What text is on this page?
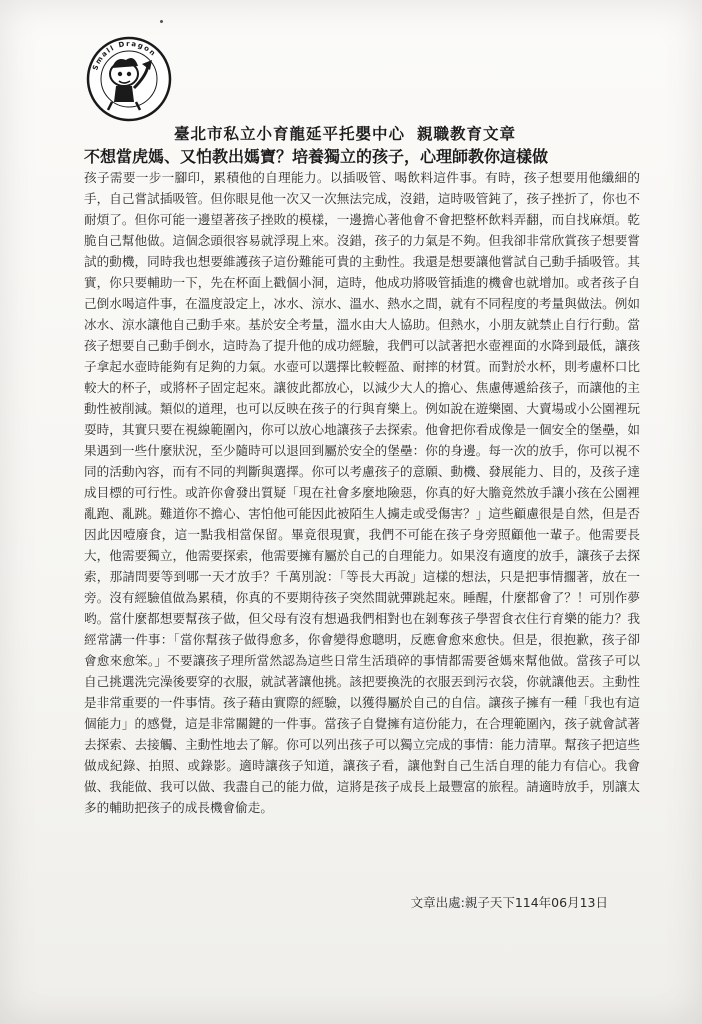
Small Dragon
臺北市私立小育龍延平托嬰中心 親職教育文章
不想當虎媽、又怕教出媽寶？培養獨立的孩子，心理師教你這樣做
孩子需要一步一腳印，累積他的自理能力。以插吸管、喝飲料這件事。有時，孩子想要用他纖細的手，自己嘗試插吸管。但你眼見他一次又一次無法完成，沒錯，這時吸管鈍了，孩子挫折了，你也不耐煩了。但你可能一邊望著孩子挫敗的模樣，一邊擔心著他會不會把整杯飲料弄翻，而自找麻煩。乾脆自己幫他做。這個念頭很容易就浮現上來。沒錯，孩子的力氣是不夠。但我卻非常欣賞孩子想要嘗試的動機，同時我也想要維護孩子這份難能可貴的主動性。我還是想要讓他嘗試自己動手插吸管。其實，你只要輔助一下，先在杯面上戳個小洞，這時，他成功將吸管插進的機會也就增加。或者孩子自己倒水喝這件事，在溫度設定上，冰水、涼水、溫水、熱水之間，就有不同程度的考量與做法。例如冰水、涼水讓他自己動手來。基於安全考量，溫水由大人協助。但熱水，小朋友就禁止自行行動。當孩子想要自己動手倒水，這時為了提升他的成功經驗，我們可以試著把水壺裡面的水降到最低，讓孩子拿起水壺時能夠有足夠的力氣。水壺可以選擇比較輕盈、耐摔的材質。而對於水杯，則考慮杯口比較大的杯子，或將杯子固定起來。讓彼此都放心，以減少大人的擔心、焦慮傳遞給孩子，而讓他的主動性被削減。類似的道理，也可以反映在孩子的行與育樂上。例如說在遊樂園、大賣場或小公園裡玩耍時，其實只要在視線範圍內，你可以放心地讓孩子去探索。他會把你看成像是一個安全的堡壘，如果遇到一些什麼狀況，至少隨時可以退回到屬於安全的堡壘：你的身邊。每一次的放手，你可以視不同的活動內容，而有不同的判斷與選擇。你可以考慮孩子的意願、動機、發展能力、目的，及孩子達成目標的可行性。或許你會發出質疑「現在社會多麼地險惡，你真的好大膽竟然放手讓小孩在公園裡亂跑、亂跳。難道你不擔心、害怕他可能因此被陌生人擄走或受傷害？」這些顧慮很是自然，但是否因此因噎廢食，這一點我相當保留。畢竟很現實，我們不可能在孩子身旁照顧他一輩子。他需要長大，他需要獨立，他需要探索，他需要擁有屬於自己的自理能力。如果沒有適度的放手，讓孩子去探索，那請問要等到哪一天才放手？千萬別說：「等長大再說」這樣的想法，只是把事情擱著，放在一旁。沒有經驗值做為累積，你真的不要期待孩子突然間就彈跳起來。睡醒，什麼都會了？！可別作夢哟。當什麼都想要幫孩子做，但父母有沒有想過我們相對也在剝奪孩子學習食衣住行育樂的能力？我經常講一件事：「當你幫孩子做得愈多，你會變得愈聰明，反應會愈來愈快。但是，很抱歉，孩子卻會愈來愈笨。」不要讓孩子理所當然認為這些日常生活瑣碎的事情都需要爸媽來幫他做。當孩子可以自己挑選洗完澡後要穿的衣服，就試著讓他挑。該把要換洗的衣服丟到污衣袋，你就讓他丟。主動性是非常重要的一件事情。孩子藉由實際的經驗，以獲得屬於自己的自信。讓孩子擁有一種「我也有這個能力」的感覺，這是非常關鍵的一件事。當孩子自覺擁有這份能力，在合理範圍內，孩子就會試著去探索、去接觸、主動性地去了解。你可以列出孩子可以獨立完成的事情：能力清單。幫孩子把這些做成紀錄、拍照、或錄影。適時讓孩子知道，讓孩子看，讓他對自己生活自理的能力有信心。我會做、我能做、我可以做、我盡自己的能力做，這將是孩子成長上最豐富的旅程。請適時放手，別讓太多的輔助把孩子的成長機會偷走。
文章出處:親子天下114年06月13日
